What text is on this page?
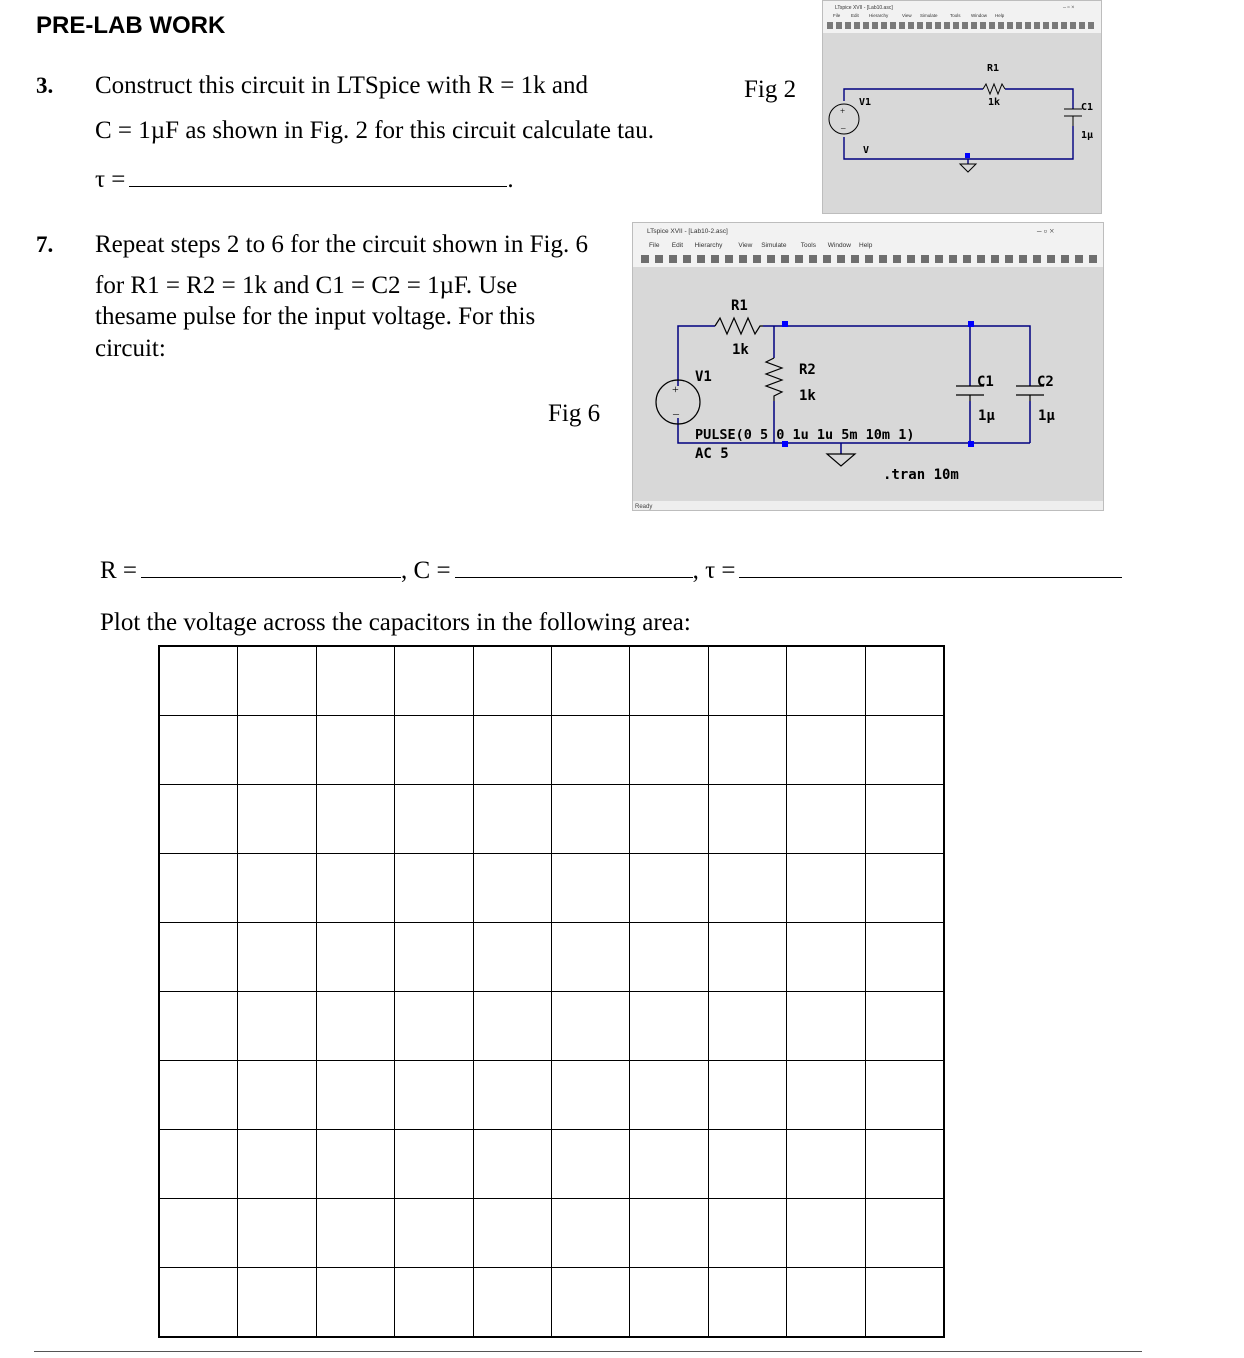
PRE-LAB WORK
3. Construct this circuit in LTSpice with R = 1k and
C = 1µF as shown in Fig. 2 for this circuit calculate tau.
τ =	.
Fig 2
LTspice XVII - [Lab10.asc]	– ▫ ×
File Edit Hierarchy	View Simulate	Tools Window Help
+
–
V1
V
R1
1k	C1
1µ
7. Repeat steps 2 to 6 for the circuit shown in Fig. 6
for R1 = R2 = 1k and C1 = C2 = 1µF. Use
thesame pulse for the input voltage. For this
circuit:
Fig 6
LTspice XVII - [Lab10-2.asc]	– ▫ ×
File Edit Hierarchy View Simulate Tools Window Help
+
–
R1
1k
V1	R2
1k
C1
1µ
C2
1µ
PULSE(0 5 0 1u 1u 5m 10m 1)
AC 5
.tran 10m
Ready
R =	, C =	, τ =
Plot the voltage across the capacitors in the following area:
